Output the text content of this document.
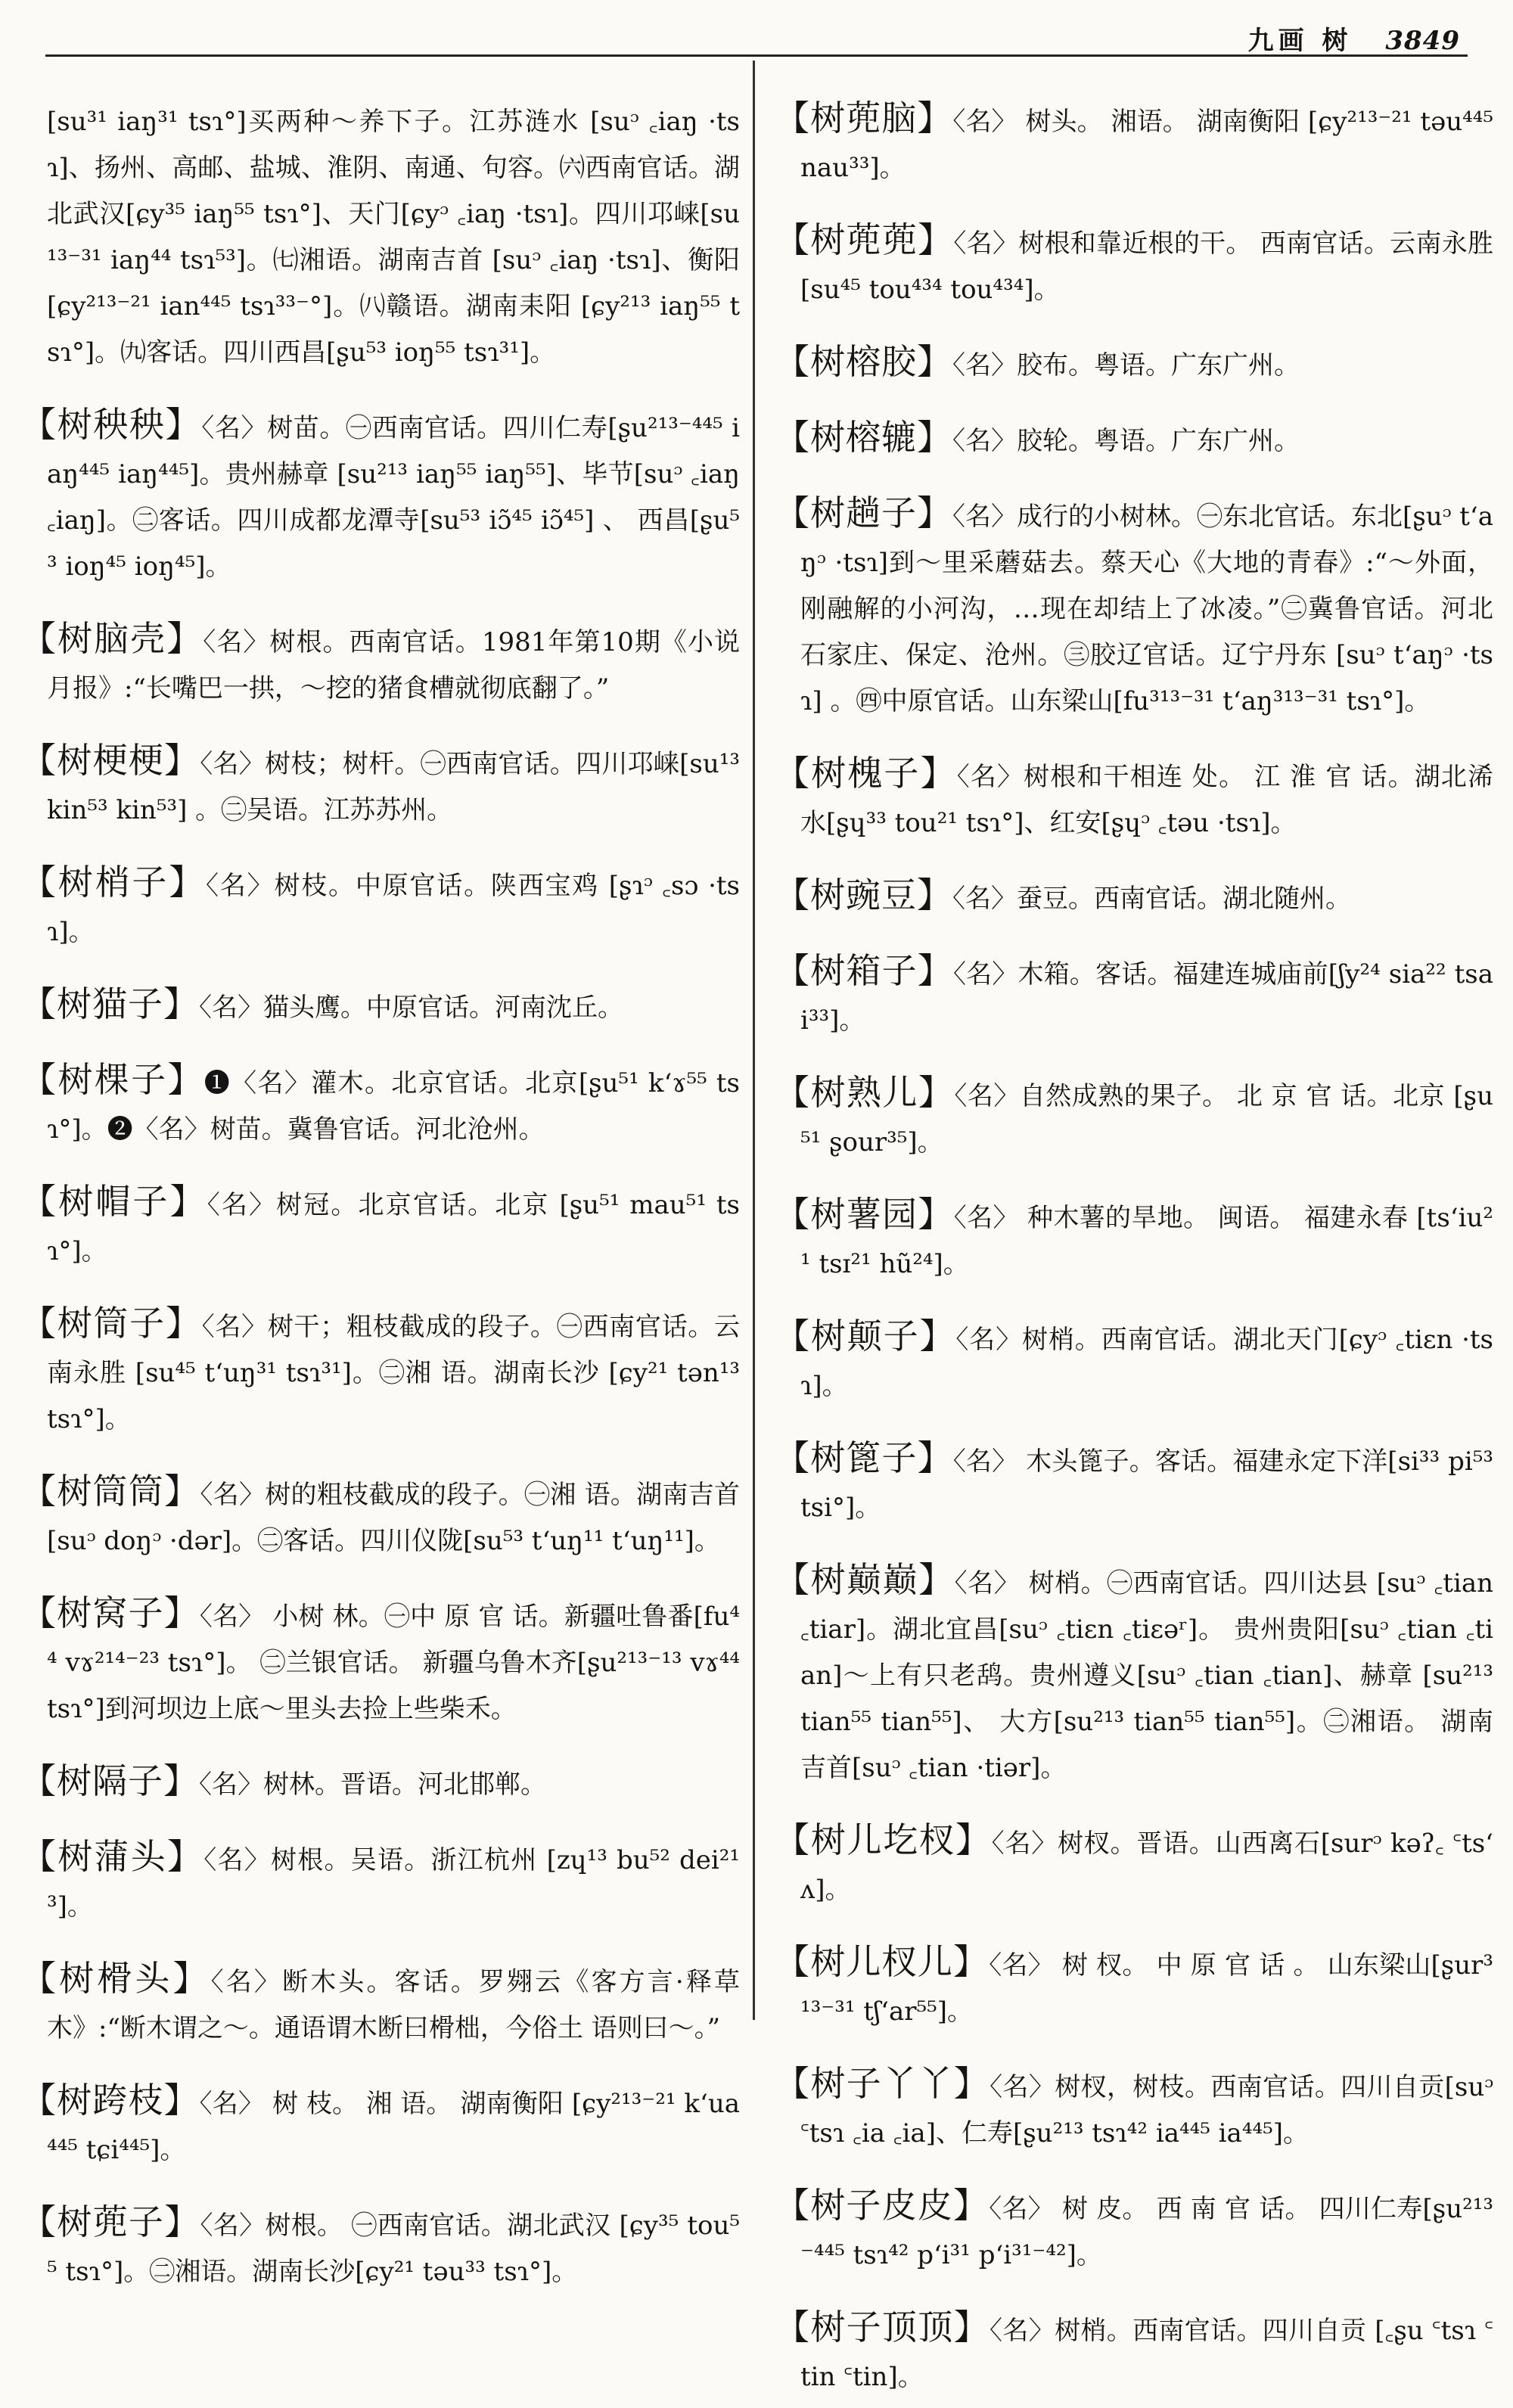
九画 树 3849

[su³¹ iaŋ³¹ tsɿ°]买两种～养下子。江苏涟水 [suᵓ ꜀iaŋ ·tsɿ]、扬州、高邮、盐城、淮阴、南通、句容。㈥西南官话。湖北武汉[ɕy³⁵ iaŋ⁵⁵ tsɿ°]、天门[ɕyᵓ ꜀iaŋ ·tsɿ]。四川邛崃[su¹³⁻³¹ iaŋ⁴⁴ tsɿ⁵³]。㈦湘语。湖南吉首 [suᵓ ꜀iaŋ ·tsɿ]、衡阳 [ɕy²¹³⁻²¹ ian⁴⁴⁵ tsɿ³³⁻°]。㈧赣语。湖南耒阳 [ɕy²¹³ iaŋ⁵⁵ tsɿ°]。㈨客话。四川西昌[ʂu⁵³ ioŋ⁵⁵ tsɿ³¹]。

【树秧秧】〈名〉树苗。㊀西南官话。四川仁寿[ʂu²¹³⁻⁴⁴⁵ iaŋ⁴⁴⁵ iaŋ⁴⁴⁵]。贵州赫章 [su²¹³ iaŋ⁵⁵ iaŋ⁵⁵]、毕节[suᵓ ꜀iaŋ ꜀iaŋ]。㊁客话。四川成都龙潭寺[su⁵³ iɔ̃⁴⁵ iɔ̃⁴⁵] 、 西昌[ʂu⁵³ ioŋ⁴⁵ ioŋ⁴⁵]。

【树脑壳】〈名〉树根。西南官话。1981年第10期《小说月报》:“长嘴巴一拱，～挖的猪食槽就彻底翻了。”

【树梗梗】〈名〉树枝；树杆。㊀西南官话。四川邛崃[su¹³ kin⁵³ kin⁵³] 。㊁吴语。江苏苏州。

【树梢子】〈名〉树枝。中原官话。陕西宝鸡 [ʂɿᵓ ꜀sɔ ·tsɿ]。

【树猫子】〈名〉猫头鹰。中原官话。河南沈丘。

【树棵子】❶〈名〉灌木。北京官话。北京[ʂu⁵¹ kʻɤ⁵⁵ tsɿ°]。❷〈名〉树苗。冀鲁官话。河北沧州。

【树帽子】〈名〉树冠。北京官话。北京 [ʂu⁵¹ mau⁵¹ tsɿ°]。

【树筒子】〈名〉树干；粗枝截成的段子。㊀西南官话。云南永胜 [su⁴⁵ tʻuŋ³¹ tsɿ³¹]。㊁湘 语。湖南长沙 [ɕy²¹ tən¹³ tsɿ°]。

【树筒筒】〈名〉树的粗枝截成的段子。㊀湘 语。湖南吉首[suᵓ doŋᵓ ·dər]。㊁客话。四川仪陇[su⁵³ tʻuŋ¹¹ tʻuŋ¹¹]。

【树窝子】〈名〉 小树 林。㊀中 原 官 话。新疆吐鲁番[fu⁴⁴ vɤ²¹⁴⁻²³ tsɿ°]。 ㊁兰银官话。 新疆乌鲁木齐[ʂu²¹³⁻¹³ vɤ⁴⁴ tsɿ°]到河坝边上底～里头去捡上些柴禾。

【树隔子】〈名〉树林。晋语。河北邯郸。

【树蒲头】〈名〉树根。吴语。浙江杭州 [zɥ¹³ bu⁵² dei²¹³]。

【树榾头】〈名〉断木头。客话。罗翙云《客方言·释草木》:“断木谓之～。通语谓木断曰榾柮，今俗土 语则曰～。”

【树跨枝】〈名〉 树 枝。 湘 语。 湖南衡阳 [ɕy²¹³⁻²¹ kʻua⁴⁴⁵ tɕi⁴⁴⁵]。

【树蔸子】〈名〉树根。 ㊀西南官话。湖北武汉 [ɕy³⁵ tou⁵⁵ tsɿ°]。㊁湘语。湖南长沙[ɕy²¹ təu³³ tsɿ°]。

【树蔸脑】〈名〉 树头。 湘语。 湖南衡阳 [ɕy²¹³⁻²¹ təu⁴⁴⁵ nau³³]。

【树蔸蔸】〈名〉树根和靠近根的干。 西南官话。云南永胜[su⁴⁵ tou⁴³⁴ tou⁴³⁴]。

【树榕胶】〈名〉胶布。粤语。广东广州。

【树榕辘】〈名〉胶轮。粤语。广东广州。

【树趟子】〈名〉成行的小树林。㊀东北官话。东北[ʂuᵓ tʻaŋᵓ ·tsɿ]到～里采蘑菇去。蔡天心《大地的青春》:“～外面，刚融解的小河沟，…现在却结上了冰凌。”㊁冀鲁官话。河北石家庄、保定、沧州。㊂胶辽官话。辽宁丹东 [suᵓ tʻaŋᵓ ·tsɿ] 。㊃中原官话。山东梁山[fu³¹³⁻³¹ tʻaŋ³¹³⁻³¹ tsɿ°]。

【树槐子】〈名〉树根和干相连 处。 江 淮 官 话。湖北浠水[ʂɥ³³ tou²¹ tsɿ°]、红安[ʂɥᵓ ꜀təu ·tsɿ]。

【树豌豆】〈名〉蚕豆。西南官话。湖北随州。

【树箱子】〈名〉木箱。客话。福建连城庙前[ʃy²⁴ sia²² tsai³³]。

【树熟儿】〈名〉自然成熟的果子。 北 京 官 话。北京 [ʂu⁵¹ ʂour³⁵]。

【树薯园】〈名〉 种木薯的旱地。 闽语。 福建永春 [tsʻiu²¹ tsɪ²¹ hũ²⁴]。

【树颠子】〈名〉树梢。西南官话。湖北天门[ɕyᵓ ꜀tiɛn ·tsɿ]。

【树篦子】〈名〉 木头篦子。客话。福建永定下洋[si³³ pi⁵³ tsi°]。

【树巅巅】〈名〉 树梢。㊀西南官话。四川达县 [suᵓ ꜀tian ꜀tiar]。湖北宜昌[suᵓ ꜀tiɛn ꜀tiɛəʳ]。 贵州贵阳[suᵓ ꜀tian ꜀tian]～上有只老鸹。贵州遵义[suᵓ ꜀tian ꜀tian]、赫章 [su²¹³ tian⁵⁵ tian⁵⁵]、 大方[su²¹³ tian⁵⁵ tian⁵⁵]。㊁湘语。 湖南吉首[suᵓ ꜀tian ·tiər]。

【树儿圪杈】〈名〉树杈。晋语。山西离石[surᵓ kəʔ꜀ ꜂tsʻʌ]。

【树儿杈儿】〈名〉 树 杈。 中 原 官 话 。 山东梁山[ʂur³¹³⁻³¹ tʃʻar⁵⁵]。

【树子丫丫】〈名〉树杈，树枝。西南官话。四川自贡[suᵓ ꜂tsɿ ꜀ia ꜀ia]、仁寿[ʂu²¹³ tsɿ⁴² ia⁴⁴⁵ ia⁴⁴⁵]。

【树子皮皮】〈名〉 树 皮。 西 南 官 话。 四川仁寿[ʂu²¹³⁻⁴⁴⁵ tsɿ⁴² pʻi³¹ pʻi³¹⁻⁴²]。

【树子顶顶】〈名〉树梢。西南官话。四川自贡 [꜀ʂu ꜂tsɿ ꜂tin ꜂tin]。
